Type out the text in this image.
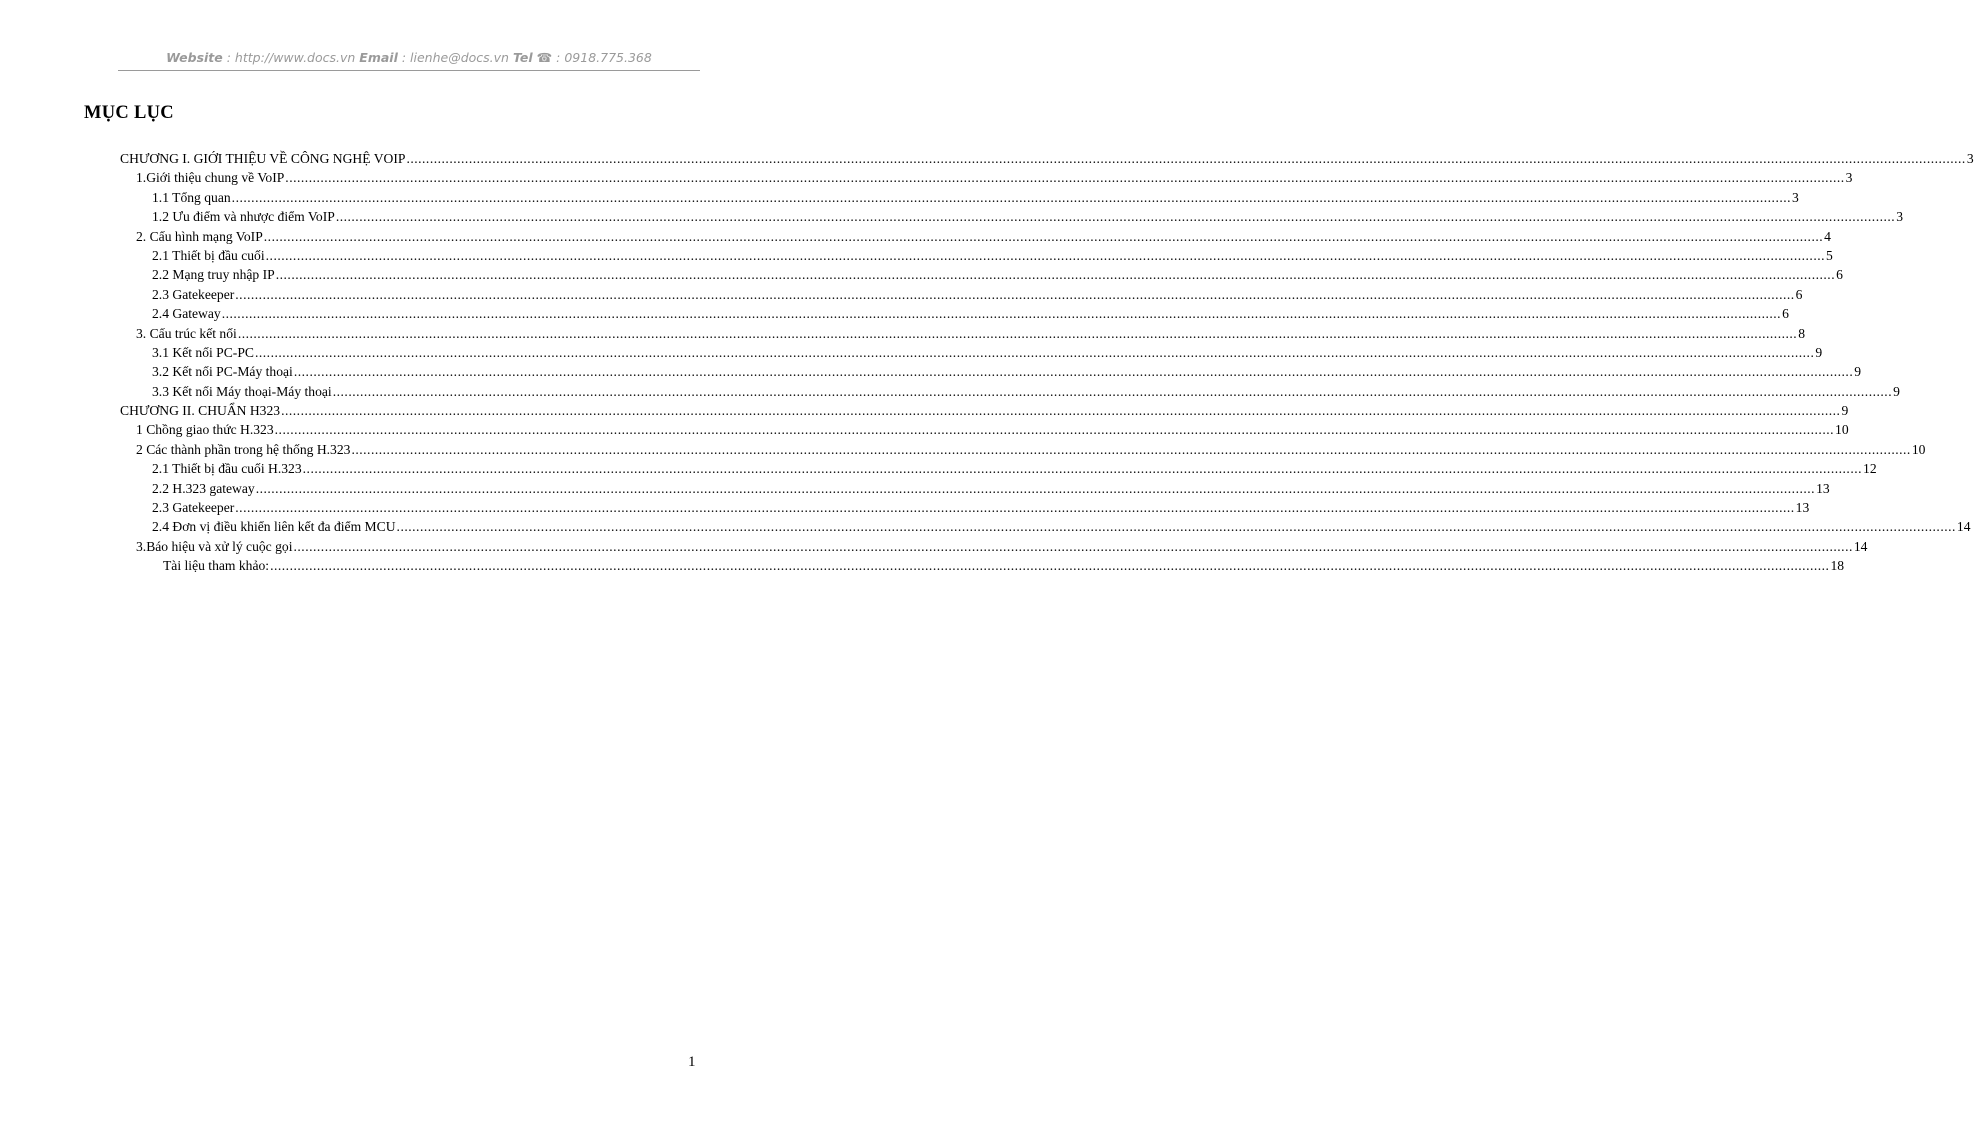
Website : http://www.docs.vn Email : lienhe@docs.vn Tel ☎ : 0918.775.368
MỤC LỤC
CHƯƠNG I. GIỚI THIỆU VỀ CÔNG NGHỆ VOIP ................................................................................................................................................................................................................................................................................................................................................................................................................ 3
1.Giới thiệu chung về VoIP ................................................................................................................................................................................................................................................................................................................................................................................................................ 3
1.1 Tổng quan ................................................................................................................................................................................................................................................................................................................................................................................................................ 3
1.2 Ưu điểm và nhược điểm VoIP ................................................................................................................................................................................................................................................................................................................................................................................................................ 3
2. Cấu hình mạng VoIP ................................................................................................................................................................................................................................................................................................................................................................................................................ 4
2.1 Thiết bị đầu cuối ................................................................................................................................................................................................................................................................................................................................................................................................................ 5
2.2 Mạng truy nhập IP ................................................................................................................................................................................................................................................................................................................................................................................................................ 6
2.3 Gatekeeper ................................................................................................................................................................................................................................................................................................................................................................................................................ 6
2.4 Gateway ................................................................................................................................................................................................................................................................................................................................................................................................................ 6
3. Cấu trúc kết nối ................................................................................................................................................................................................................................................................................................................................................................................................................ 8
3.1 Kết nối PC-PC ................................................................................................................................................................................................................................................................................................................................................................................................................ 9
3.2 Kết nối PC-Máy thoại ................................................................................................................................................................................................................................................................................................................................................................................................................ 9
3.3 Kết nối Máy thoại-Máy thoại ................................................................................................................................................................................................................................................................................................................................................................................................................ 9
CHƯƠNG II. CHUẨN H323 ................................................................................................................................................................................................................................................................................................................................................................................................................ 9
1 Chồng giao thức H.323 ................................................................................................................................................................................................................................................................................................................................................................................................................ 10
2 Các thành phần trong hệ thống H.323 ................................................................................................................................................................................................................................................................................................................................................................................................................ 10
2.1 Thiết bị đầu cuối H.323 ................................................................................................................................................................................................................................................................................................................................................................................................................ 12
2.2 H.323 gateway ................................................................................................................................................................................................................................................................................................................................................................................................................ 13
2.3 Gatekeeper ................................................................................................................................................................................................................................................................................................................................................................................................................ 13
2.4 Đơn vị điều khiển liên kết đa điểm MCU ................................................................................................................................................................................................................................................................................................................................................................................................................ 14
3.Báo hiệu và xử lý cuộc gọi ................................................................................................................................................................................................................................................................................................................................................................................................................ 14
Tài liệu tham khảo: ................................................................................................................................................................................................................................................................................................................................................................................................................ 18
1
